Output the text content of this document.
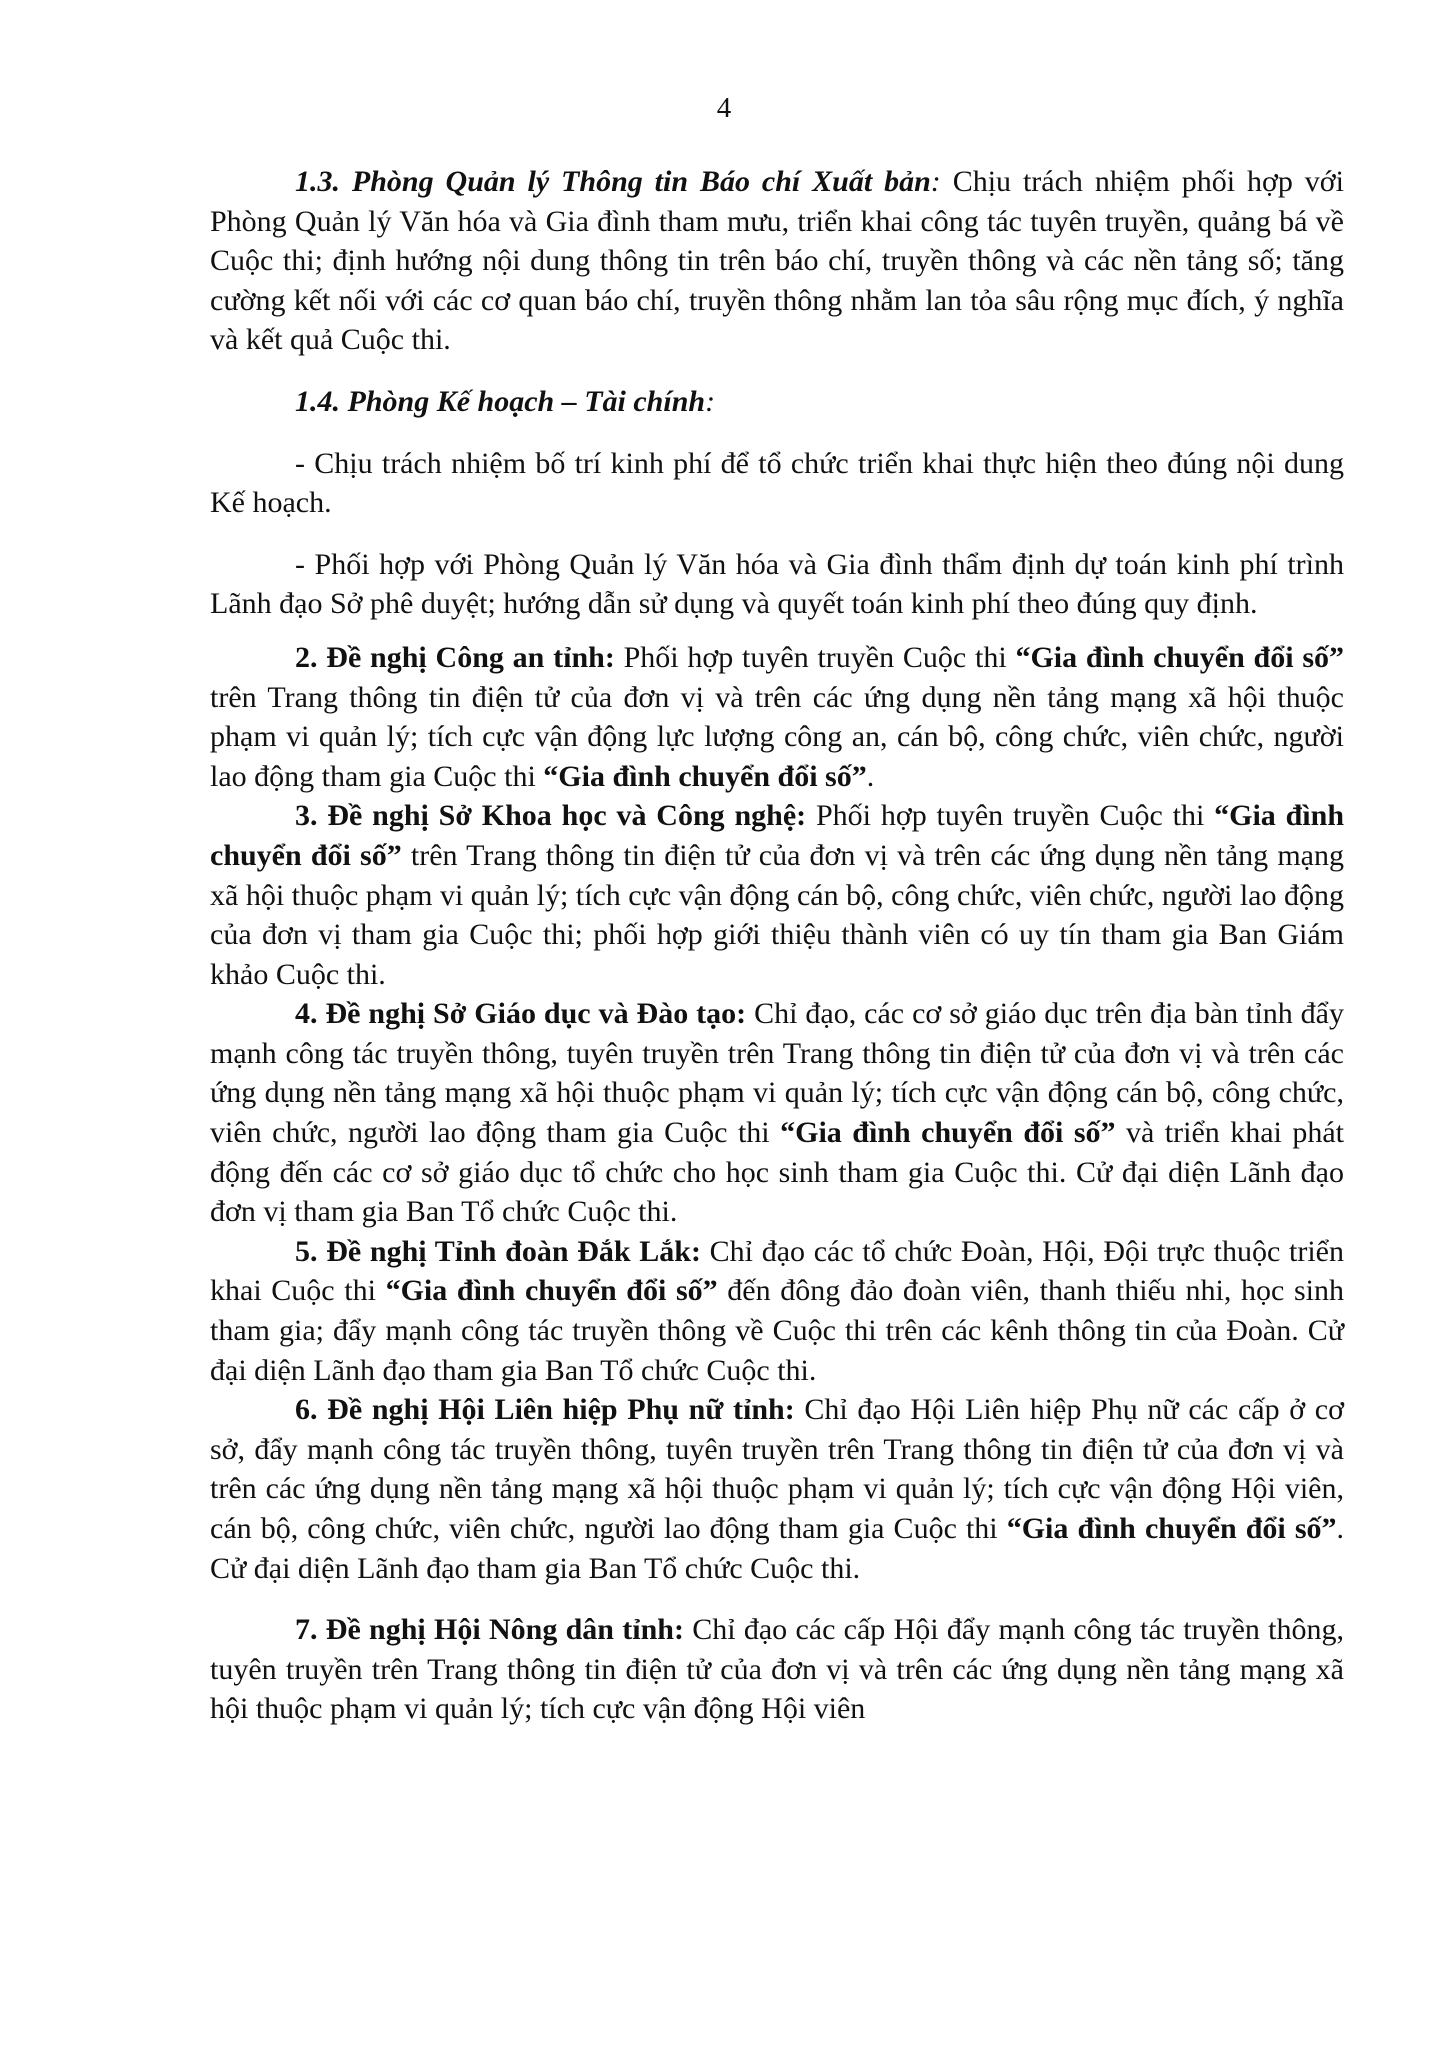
4

1.3. Phòng Quản lý Thông tin Báo chí Xuất bản: Chịu trách nhiệm phối hợp với Phòng Quản lý Văn hóa và Gia đình tham mưu, triển khai công tác tuyên truyền, quảng bá về Cuộc thi; định hướng nội dung thông tin trên báo chí, truyền thông và các nền tảng số; tăng cường kết nối với các cơ quan báo chí, truyền thông nhằm lan tỏa sâu rộng mục đích, ý nghĩa và kết quả Cuộc thi.

1.4. Phòng Kế hoạch – Tài chính:

- Chịu trách nhiệm bố trí kinh phí để tổ chức triển khai thực hiện theo đúng nội dung Kế hoạch.

- Phối hợp với Phòng Quản lý Văn hóa và Gia đình thẩm định dự toán kinh phí trình Lãnh đạo Sở phê duyệt; hướng dẫn sử dụng và quyết toán kinh phí theo đúng quy định.

2. Đề nghị Công an tỉnh: Phối hợp tuyên truyền Cuộc thi “Gia đình chuyển đổi số” trên Trang thông tin điện tử của đơn vị và trên các ứng dụng nền tảng mạng xã hội thuộc phạm vi quản lý; tích cực vận động lực lượng công an, cán bộ, công chức, viên chức, người lao động tham gia Cuộc thi “Gia đình chuyển đổi số”.

3. Đề nghị Sở Khoa học và Công nghệ: Phối hợp tuyên truyền Cuộc thi “Gia đình chuyển đổi số” trên Trang thông tin điện tử của đơn vị và trên các ứng dụng nền tảng mạng xã hội thuộc phạm vi quản lý; tích cực vận động cán bộ, công chức, viên chức, người lao động của đơn vị tham gia Cuộc thi; phối hợp giới thiệu thành viên có uy tín tham gia Ban Giám khảo Cuộc thi.

4. Đề nghị Sở Giáo dục và Đào tạo: Chỉ đạo, các cơ sở giáo dục trên địa bàn tỉnh đẩy mạnh công tác truyền thông, tuyên truyền trên Trang thông tin điện tử của đơn vị và trên các ứng dụng nền tảng mạng xã hội thuộc phạm vi quản lý; tích cực vận động cán bộ, công chức, viên chức, người lao động tham gia Cuộc thi “Gia đình chuyển đổi số” và triển khai phát động đến các cơ sở giáo dục tổ chức cho học sinh tham gia Cuộc thi. Cử đại diện Lãnh đạo đơn vị tham gia Ban Tổ chức Cuộc thi.

5. Đề nghị Tỉnh đoàn Đắk Lắk: Chỉ đạo các tổ chức Đoàn, Hội, Đội trực thuộc triển khai Cuộc thi “Gia đình chuyển đổi số” đến đông đảo đoàn viên, thanh thiếu nhi, học sinh tham gia; đẩy mạnh công tác truyền thông về Cuộc thi trên các kênh thông tin của Đoàn. Cử đại diện Lãnh đạo tham gia Ban Tổ chức Cuộc thi.

6. Đề nghị Hội Liên hiệp Phụ nữ tỉnh: Chỉ đạo Hội Liên hiệp Phụ nữ các cấp ở cơ sở, đẩy mạnh công tác truyền thông, tuyên truyền trên Trang thông tin điện tử của đơn vị và trên các ứng dụng nền tảng mạng xã hội thuộc phạm vi quản lý; tích cực vận động Hội viên, cán bộ, công chức, viên chức, người lao động tham gia Cuộc thi “Gia đình chuyển đổi số”. Cử đại diện Lãnh đạo tham gia Ban Tổ chức Cuộc thi.

7. Đề nghị Hội Nông dân tỉnh: Chỉ đạo các cấp Hội đẩy mạnh công tác truyền thông, tuyên truyền trên Trang thông tin điện tử của đơn vị và trên các ứng dụng nền tảng mạng xã hội thuộc phạm vi quản lý; tích cực vận động Hội viên
